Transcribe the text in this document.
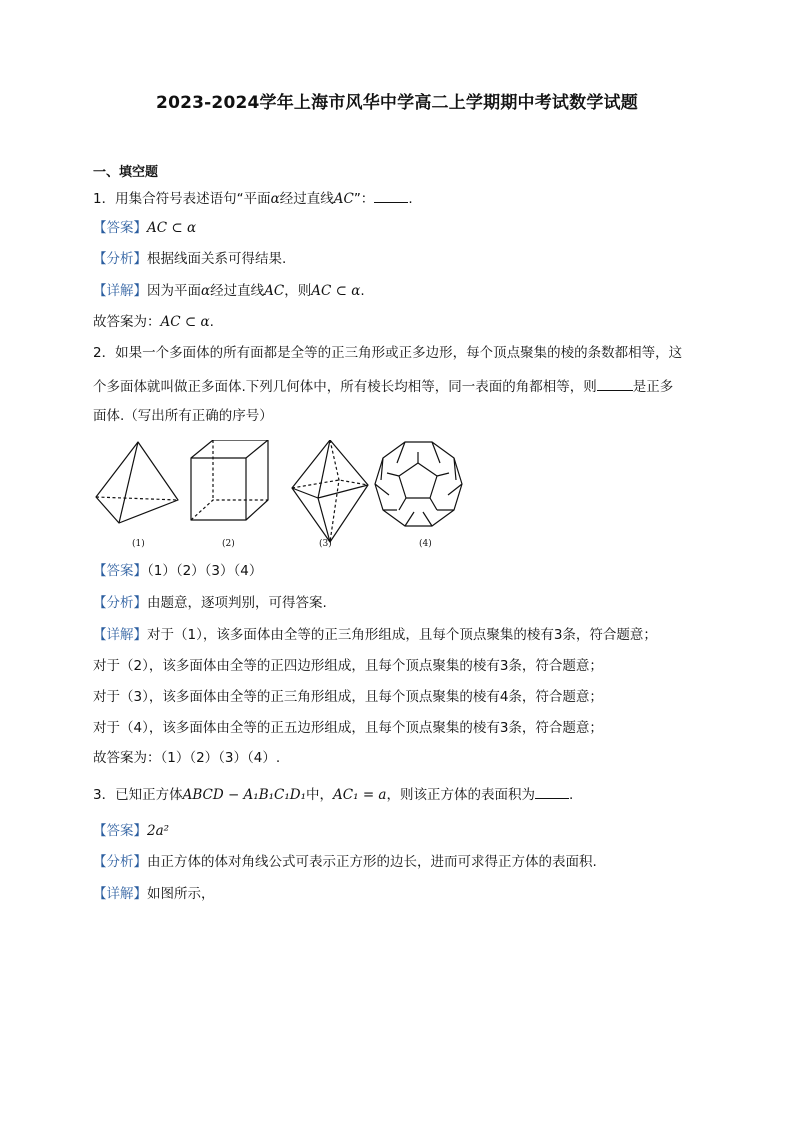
2023-2024学年上海市风华中学高二上学期期中考试数学试题
一、填空题
1．用集合符号表述语句“平面α经过直线AC”：	.
【答案】AC ⊂ α
【分析】根据线面关系可得结果.
【详解】因为平面α经过直线AC，则AC ⊂ α.
故答案为：AC ⊂ α.
2．如果一个多面体的所有面都是全等的正三角形或正多边形，每个顶点聚集的棱的条数都相等，这
个多面体就叫做正多面体.下列几何体中，所有棱长均相等，同一表面的角都相等，则	是正多
面体.（写出所有正确的序号）
(1)	(2)	(3)	(4)
【答案】（1）（2）（3）（4）
【分析】由题意，逐项判别，可得答案.
【详解】对于（1），该多面体由全等的正三角形组成，且每个顶点聚集的棱有3条，符合题意；
对于（2），该多面体由全等的正四边形组成，且每个顶点聚集的棱有3条，符合题意；
对于（3），该多面体由全等的正三角形组成，且每个顶点聚集的棱有4条，符合题意；
对于（4），该多面体由全等的正五边形组成，且每个顶点聚集的棱有3条，符合题意；
故答案为：（1）（2）（3）（4）.
3．已知正方体ABCD − A₁B₁C₁D₁中，AC₁ = a，则该正方体的表面积为	.
【答案】2a²
【分析】由正方体的体对角线公式可表示正方形的边长，进而可求得正方体的表面积.
【详解】如图所示，
